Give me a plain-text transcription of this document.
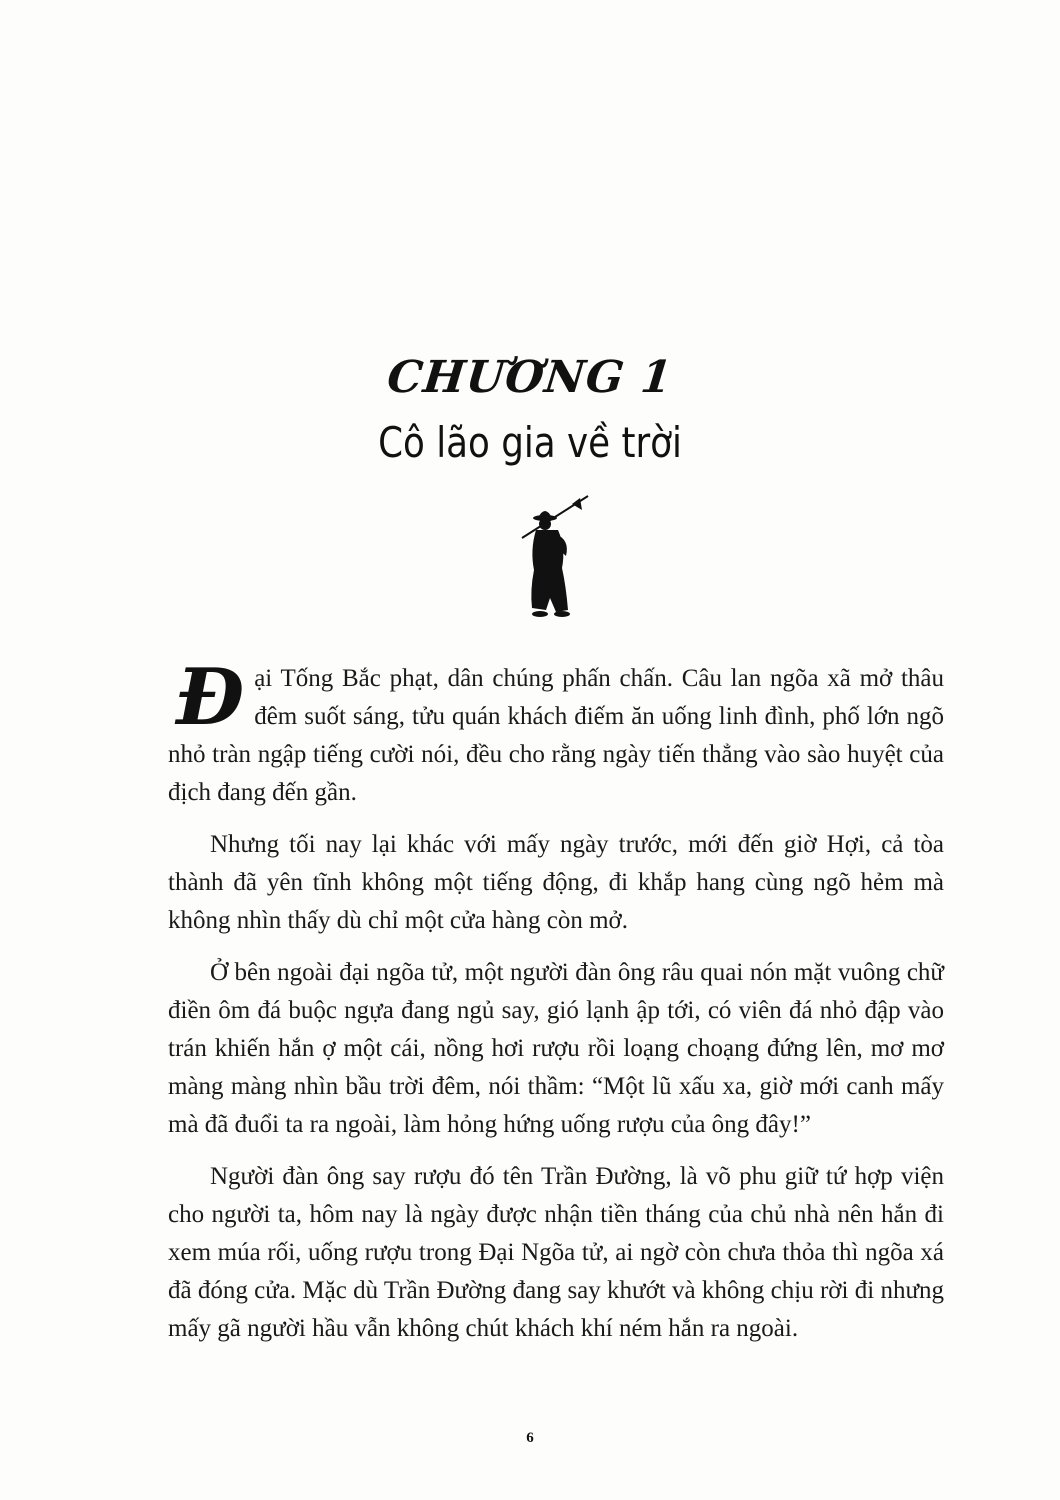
CHƯƠNG 1
Cô lão gia về trời

Đại Tống Bắc phạt, dân chúng phấn chấn. Câu lan ngõa xã mở thâu đêm suốt sáng, tửu quán khách điếm ăn uống linh đình, phố lớn ngõ nhỏ tràn ngập tiếng cười nói, đều cho rằng ngày tiến thẳng vào sào huyệt của địch đang đến gần.

Nhưng tối nay lại khác với mấy ngày trước, mới đến giờ Hợi, cả tòa thành đã yên tĩnh không một tiếng động, đi khắp hang cùng ngõ hẻm mà không nhìn thấy dù chỉ một cửa hàng còn mở.

Ở bên ngoài đại ngõa tử, một người đàn ông râu quai nón mặt vuông chữ điền ôm đá buộc ngựa đang ngủ say, gió lạnh ập tới, có viên đá nhỏ đập vào trán khiến hắn ợ một cái, nồng hơi rượu rồi loạng choạng đứng lên, mơ mơ màng màng nhìn bầu trời đêm, nói thầm: “Một lũ xấu xa, giờ mới canh mấy mà đã đuổi ta ra ngoài, làm hỏng hứng uống rượu của ông đây!”

Người đàn ông say rượu đó tên Trần Đường, là võ phu giữ tứ hợp viện cho người ta, hôm nay là ngày được nhận tiền tháng của chủ nhà nên hắn đi xem múa rối, uống rượu trong Đại Ngõa tử, ai ngờ còn chưa thỏa thì ngõa xá đã đóng cửa. Mặc dù Trần Đường đang say khướt và không chịu rời đi nhưng mấy gã người hầu vẫn không chút khách khí ném hắn ra ngoài.

6
